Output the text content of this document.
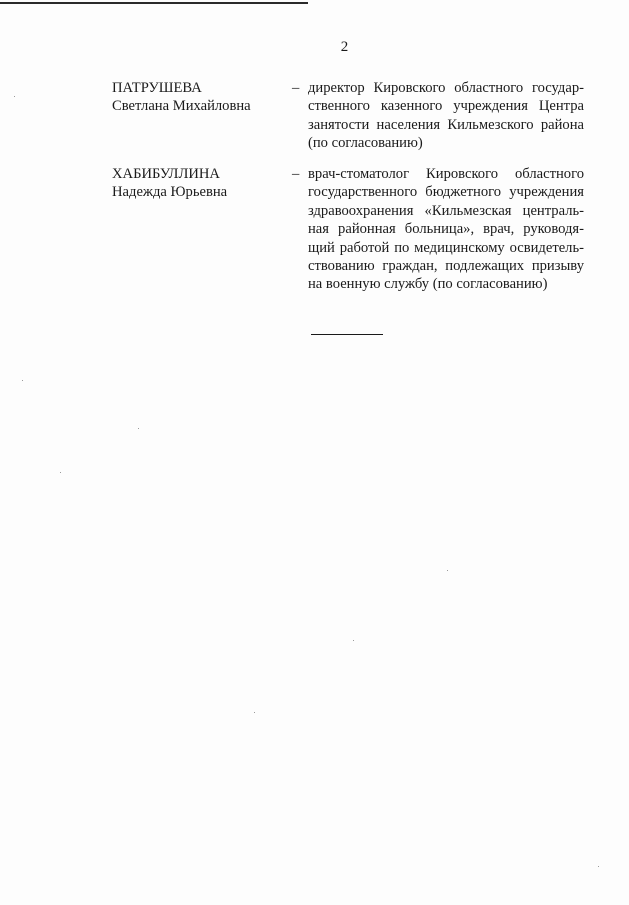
2
ПАТРУШЕВА
Светлана Михайловна
– директор Кировского областного государ-
ственного казенного учреждения Центра
занятости населения Кильмезского района
(по согласованию)
ХАБИБУЛЛИНА
Надежда Юрьевна
– врач-стоматолог Кировского областного
государственного бюджетного учреждения
здравоохранения «Кильмезская централь-
ная районная больница», врач, руководя-
щий работой по медицинскому освидетель-
ствованию граждан, подлежащих призыву
на военную службу (по согласованию)
